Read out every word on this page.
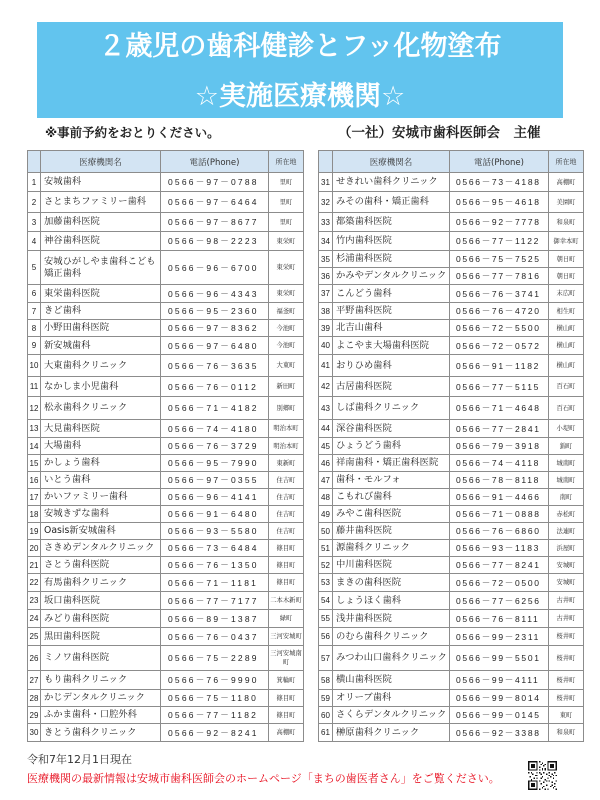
２歳児の歯科健診とフッ化物塗布
☆実施医療機関☆
※事前予約をおとりください。	（一社）安城市歯科医師会　主催
	医療機関名	電話(Phone)	所在地
1	安城歯科	0566－97－0788	里町
2	さとまちファミリー歯科	0566－97－6464	里町
3	加藤歯科医院	0566－97－8677	里町
4	神谷歯科医院	0566－98－2223	東栄町
5	安城ひがしやま歯科こども矯正歯科	0566－96－6700	東栄町
6	東栄歯科医院	0566－96－4343	東栄町
7	きど歯科	0566－95－2360	福釜町
8	小野田歯科医院	0566－97－8362	今池町
9	新安城歯科	0566－97－6480	今池町
10	大東歯科クリニック	0566－76－3635	大東町
11	なかしま小児歯科	0566－76－0112	新田町
12	松永歯科クリニック	0566－71－4182	別郷町
13	大見歯科医院	0566－74－4180	明治本町
14	大場歯科	0566－76－3729	明治本町
15	かしょう歯科	0566－95－7990	東新町
16	いとう歯科	0566－97－0355	住吉町
17	かいファミリー歯科	0566－96－4141	住吉町
18	安城きずな歯科	0566－91－6480	住吉町
19	Oasis新安城歯科	0566－93－5580	住吉町
20	さきめデンタルクリニック	0566－73－6484	篠目町
21	さとう歯科医院	0566－76－1350	篠目町
22	有馬歯科クリニック	0566－71－1181	篠目町
23	坂口歯科医院	0566－77－7177	二本木新町
24	みどり歯科医院	0566－89－1387	緑町
25	黒田歯科医院	0566－76－0437	三河安城町
26	ミノワ歯科医院	0566－75－2289	三河安城南町
27	もり歯科クリニック	0566－76－9990	箕輪町
28	かじデンタルクリニック	0566－75－1180	篠目町
29	ふかま歯科・口腔外科	0566－77－1182	篠目町
30	きとう歯科クリニック	0566－92－8241	高棚町
	医療機関名	電話(Phone)	所在地
31	せきれい歯科クリニック	0566－73－4188	高棚町
32	みその歯科・矯正歯科	0566－95－4618	美園町
33	都築歯科医院	0566－92－7778	和泉町
34	竹内歯科医院	0566－77－1122	御幸本町
35	杉浦歯科医院	0566－75－7525	朝日町
36	かみやデンタルクリニック	0566－77－7816	朝日町
37	こんどう歯科	0566－76－3741	末広町
38	平野歯科医院	0566－76－4720	相生町
39	北吉山歯科	0566－72－5500	横山町
40	よこやま大場歯科医院	0566－72－0572	横山町
41	おりひめ歯科	0566－91－1182	横山町
42	古居歯科医院	0566－77－5115	百石町
43	しば歯科クリニック	0566－71－4648	百石町
44	深谷歯科医院	0566－77－2841	小堤町
45	ひょうどう歯科	0566－79－3918	錦町
46	祥南歯科・矯正歯科医院	0566－74－4118	城南町
47	歯科・モルフォ	0566－78－8118	城南町
48	こもれび歯科	0566－91－4466	南町
49	みやこ歯科医院	0566－71－0888	赤松町
50	藤井歯科医院	0566－76－6860	法連町
51	源歯科クリニック	0566－93－1183	浜屋町
52	中川歯科医院	0566－77－8241	安城町
53	まきの歯科医院	0566－72－0500	安城町
54	しょうほく歯科	0566－77－6256	古井町
55	浅井歯科医院	0566－76－8111	古井町
56	のむら歯科クリニック	0566－99－2311	桜井町
57	みつわ山口歯科クリニック	0566－99－5501	桜井町
58	横山歯科医院	0566－99－4111	桜井町
59	オリーブ歯科	0566－99－8014	桜井町
60	さくらデンタルクリニック	0566－99－0145	東町
61	榊原歯科クリニック	0566－92－3388	和泉町
令和7年12月1日現在
医療機関の最新情報は安城市歯科医師会のホームページ「まちの歯医者さん」をご覧ください。
